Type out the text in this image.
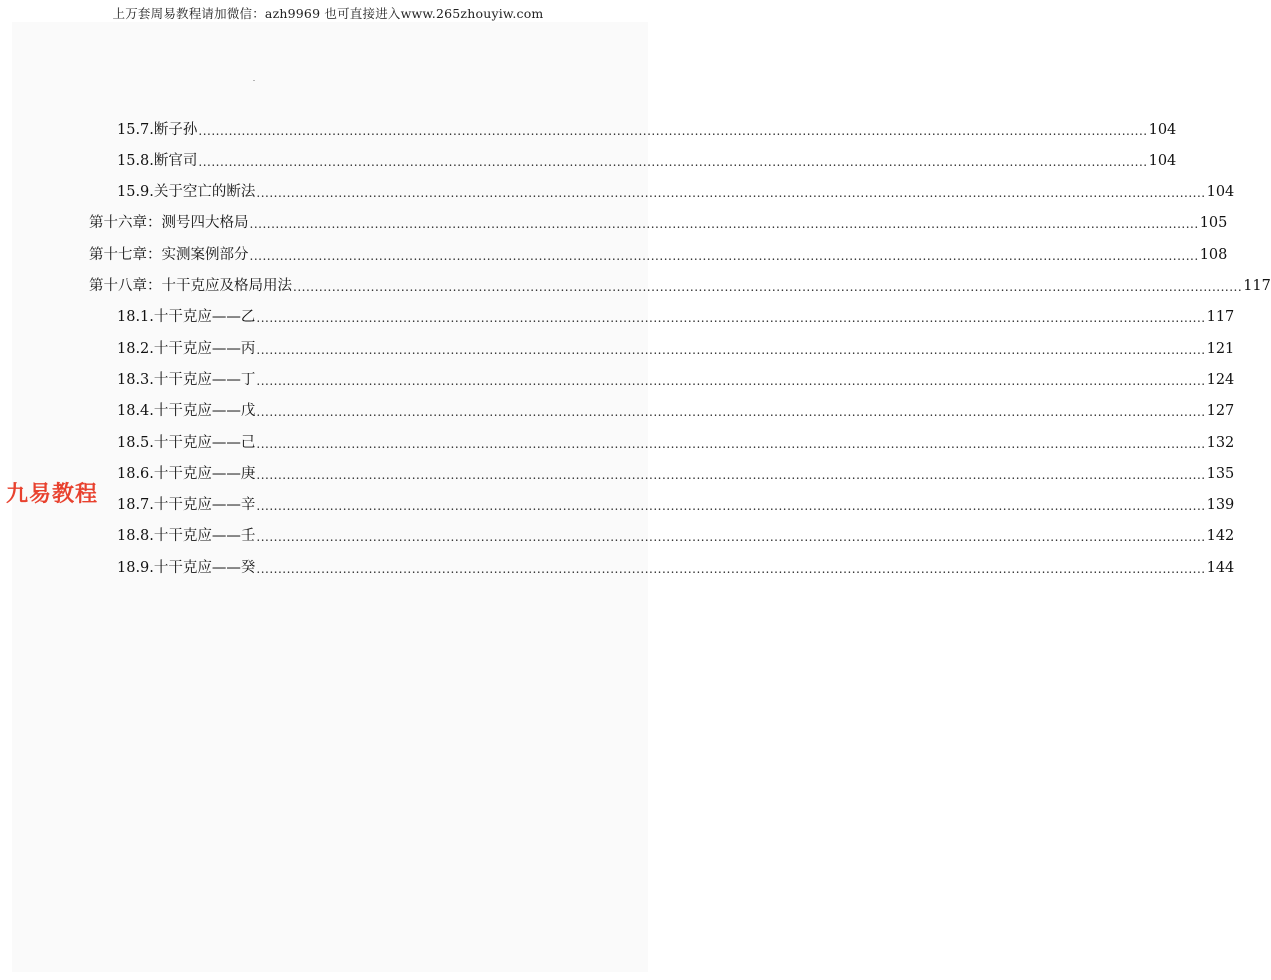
上万套周易教程请加微信：azh9969 也可直接进入www.265zhouyiw.com
15.7.断子孙 ............................................................................................................................................................................................................................ 104
15.8.断官司 ............................................................................................................................................................................................................................ 104
15.9.关于空亡的断法 ............................................................................................................................................................................................................................ 104
第十六章：测号四大格局 ............................................................................................................................................................................................................................ 105
第十七章：实测案例部分 ............................................................................................................................................................................................................................ 108
第十八章：十干克应及格局用法 ............................................................................................................................................................................................................................ 117
18.1.十干克应——乙 ............................................................................................................................................................................................................................ 117
18.2.十干克应——丙 ............................................................................................................................................................................................................................ 121
18.3.十干克应——丁 ............................................................................................................................................................................................................................ 124
18.4.十干克应——戊 ............................................................................................................................................................................................................................ 127
18.5.十干克应——己 ............................................................................................................................................................................................................................ 132
18.6.十干克应——庚 ............................................................................................................................................................................................................................ 135
18.7.十干克应——辛 ............................................................................................................................................................................................................................ 139
18.8.十干克应——壬 ............................................................................................................................................................................................................................ 142
18.9.十干克应——癸 ............................................................................................................................................................................................................................ 144
九易教程
